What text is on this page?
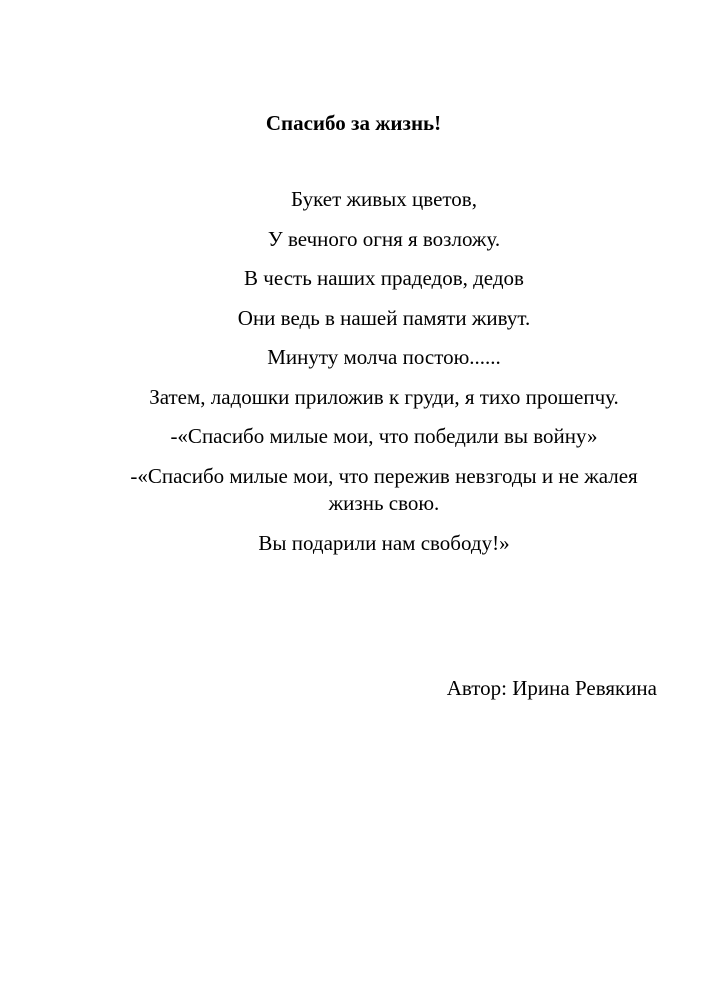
Спасибо за жизнь!
Букет живых цветов,
У вечного огня я возложу.
В честь наших прадедов, дедов
Они ведь в нашей памяти живут.
Минуту молча постою......
Затем, ладошки приложив к груди, я тихо прошепчу.
-«Спасибо милые мои, что победили вы войну»
-«Спасибо милые мои, что пережив невзгоды и не жалея жизнь свою.
Вы подарили нам свободу!»
Автор: Ирина Ревякина
